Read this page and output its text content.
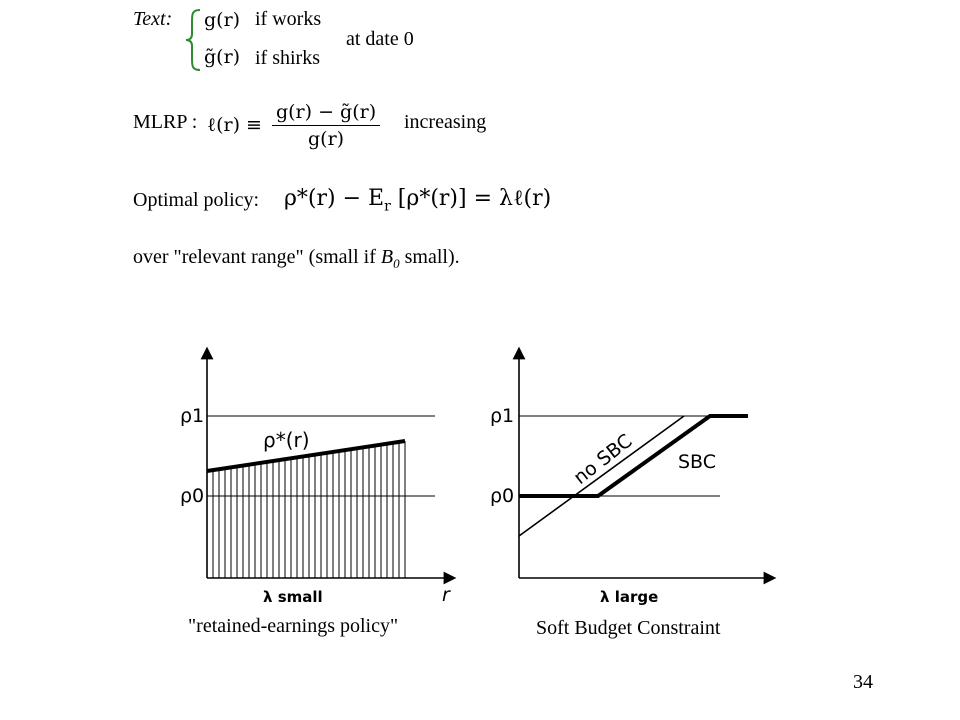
Text: g(r) if works
g̃(r) if shirks
at date 0
MLRP : ℓ(r) ≡ $\frac{g(r) - g̃(r)}{g(r)}$ increasing
Optimal policy: $\rho*(r) - E_r$ [ρ*(r)] = λℓ(r)
over "relevant range" (small if $B_0$ small).
ρ1
ρ0
ρ*(r)
λ small	r
"retained-earnings policy"
ρ1
ρ0
no SBC SBC
λ large
Soft Budget Constraint
34
